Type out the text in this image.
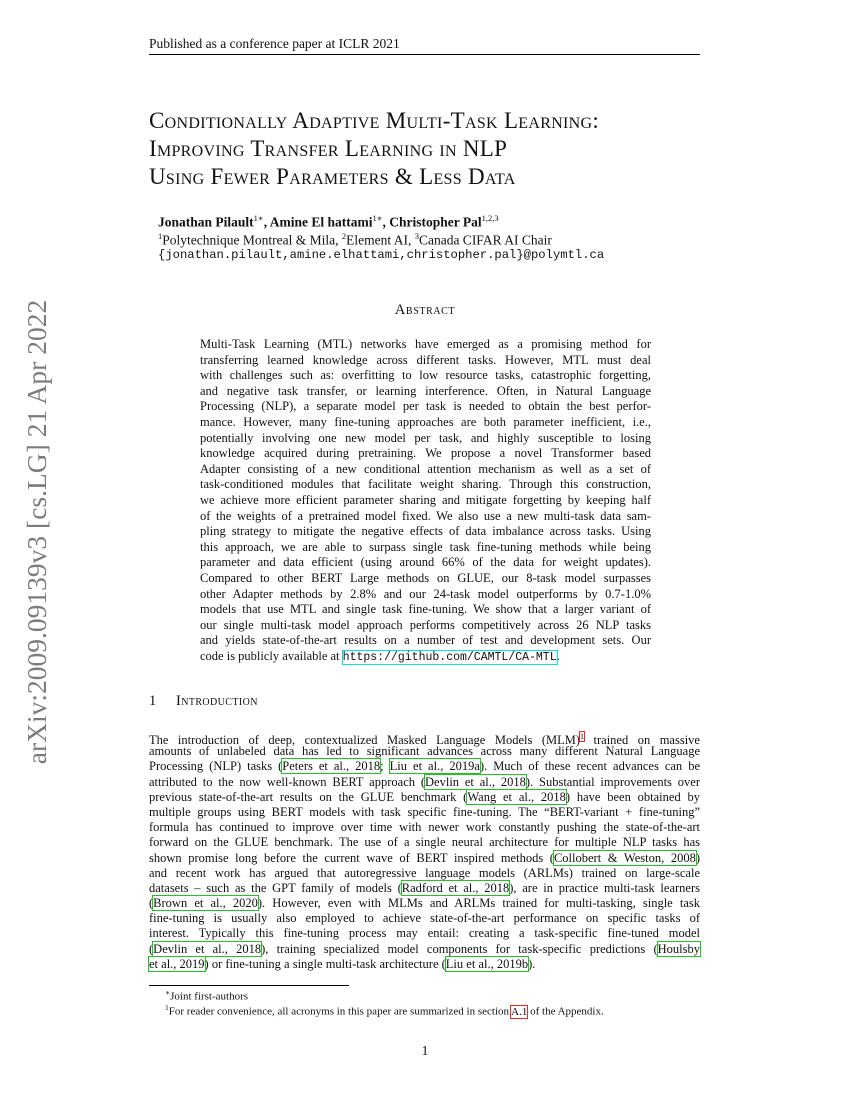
Published as a conference paper at ICLR 2021
arXiv:2009.09139v3 [cs.LG] 21 Apr 2022
Conditionally Adaptive Multi-Task Learning:
Improving Transfer Learning in NLP
Using Fewer Parameters & Less Data
Jonathan Pilault$^{1∗}$, Amine El hattami$^{1∗}$, Christopher Pal$^{1,2,3}$
$^1$Polytechnique Montreal & Mila, $^2$Element AI, $^3$Canada CIFAR AI Chair
{jonathan.pilault,amine.elhattami,christopher.pal}@polymtl.ca
Abstract
Multi-Task Learning (MTL) networks have emerged as a promising method for
transferring learned knowledge across different tasks. However, MTL must deal
with challenges such as: overfitting to low resource tasks, catastrophic forgetting,
and negative task transfer, or learning interference. Often, in Natural Language
Processing (NLP), a separate model per task is needed to obtain the best perfor-
mance. However, many fine-tuning approaches are both parameter inefficient, i.e.,
potentially involving one new model per task, and highly susceptible to losing
knowledge acquired during pretraining. We propose a novel Transformer based
Adapter consisting of a new conditional attention mechanism as well as a set of
task-conditioned modules that facilitate weight sharing. Through this construction,
we achieve more efficient parameter sharing and mitigate forgetting by keeping half
of the weights of a pretrained model fixed. We also use a new multi-task data sam-
pling strategy to mitigate the negative effects of data imbalance across tasks. Using
this approach, we are able to surpass single task fine-tuning methods while being
parameter and data efficient (using around 66% of the data for weight updates).
Compared to other BERT Large methods on GLUE, our 8-task model surpasses
other Adapter methods by 2.8% and our 24-task model outperforms by 0.7-1.0%
models that use MTL and single task fine-tuning. We show that a larger variant of
our single multi-task model approach performs competitively across 26 NLP tasks
and yields state-of-the-art results on a number of test and development sets. Our
code is publicly available at https://github.com/CAMTL/CA-MTL.
1 Introduction
The introduction of deep, contextualized Masked Language Models (MLM)$^1$ trained on massive
amounts of unlabeled data has led to significant advances across many different Natural Language
Processing (NLP) tasks (Peters et al., 2018; Liu et al., 2019a). Much of these recent advances can be
attributed to the now well-known BERT approach (Devlin et al., 2018). Substantial improvements over
previous state-of-the-art results on the GLUE benchmark (Wang et al., 2018) have been obtained by
multiple groups using BERT models with task specific fine-tuning. The “BERT-variant + fine-tuning”
formula has continued to improve over time with newer work constantly pushing the state-of-the-art
forward on the GLUE benchmark. The use of a single neural architecture for multiple NLP tasks has
shown promise long before the current wave of BERT inspired methods (Collobert & Weston, 2008)
and recent work has argued that autoregressive language models (ARLMs) trained on large-scale
datasets – such as the GPT family of models (Radford et al., 2018), are in practice multi-task learners
(Brown et al., 2020). However, even with MLMs and ARLMs trained for multi-tasking, single task
fine-tuning is usually also employed to achieve state-of-the-art performance on specific tasks of
interest. Typically this fine-tuning process may entail: creating a task-specific fine-tuned model
(Devlin et al., 2018), training specialized model components for task-specific predictions (Houlsby
et al., 2019) or fine-tuning a single multi-task architecture (Liu et al., 2019b).
∗Joint first-authors
$^1$For reader convenience, all acronyms in this paper are summarized in section A.1 of the Appendix.
1
